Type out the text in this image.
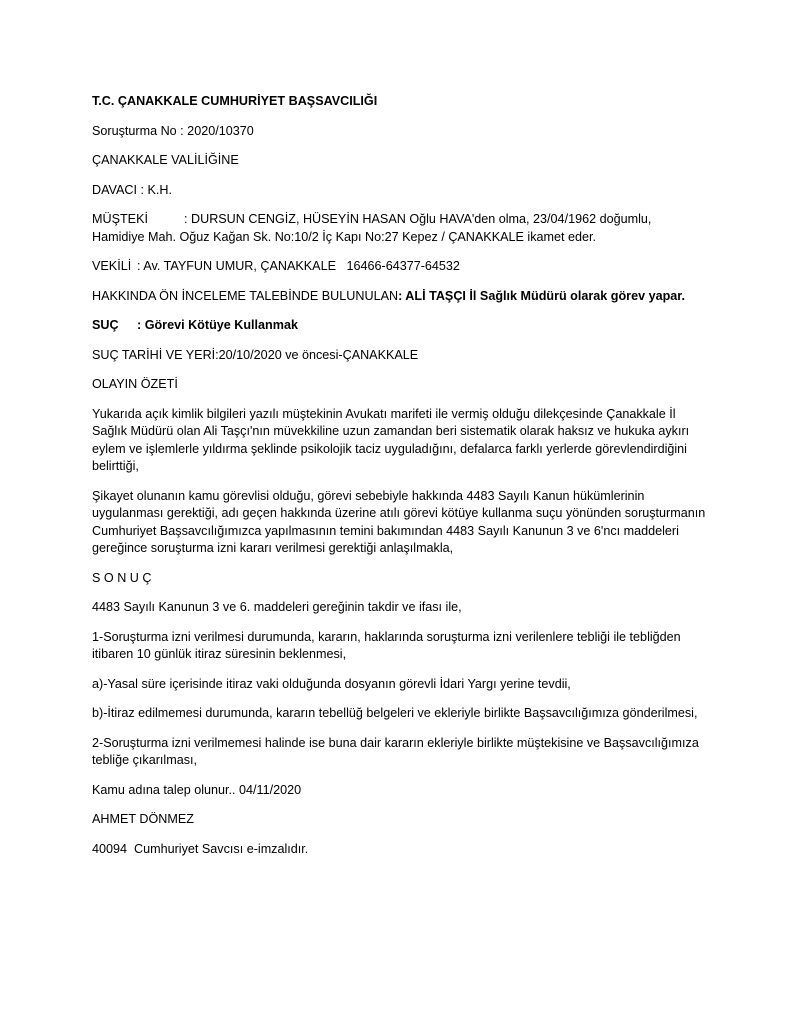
T.C. ÇANAKKALE CUMHURİYET BAŞSAVCILIĞI

Soruşturma No : 2020/10370

ÇANAKKALE VALİLİĞİNE

DAVACI : K.H.

MÜŞTEKİ	: DURSUN CENGİZ, HÜSEYİN HASAN Oğlu HAVA'den olma, 23/04/1962 doğumlu, Hamidiye Mah. Oğuz Kağan Sk. No:10/2 İç Kapı No:27 Kepez / ÇANAKKALE ikamet eder.

VEKİLİ : Av. TAYFUN UMUR, ÇANAKKALE   16466-64377-64532

HAKKINDA ÖN İNCELEME TALEBİNDE BULUNULAN: ALİ TAŞÇI İl Sağlık Müdürü olarak görev yapar.

SUÇ : Görevi Kötüye Kullanmak

SUÇ TARİHİ VE YERİ:20/10/2020 ve öncesi-ÇANAKKALE

OLAYIN ÖZETİ

Yukarıda açık kimlik bilgileri yazılı müştekinin Avukatı marifeti ile vermiş olduğu dilekçesinde Çanakkale İl Sağlık Müdürü olan Ali Taşçı'nın müvekkiline uzun zamandan beri sistematik olarak haksız ve hukuka aykırı eylem ve işlemlerle yıldırma şeklinde psikolojik taciz uyguladığını, defalarca farklı yerlerde görevlendirdiğini belirttiği,

Şikayet olunanın kamu görevlisi olduğu, görevi sebebiyle hakkında 4483 Sayılı Kanun hükümlerinin uygulanması gerektiği, adı geçen hakkında üzerine atılı görevi kötüye kullanma suçu yönünden soruşturmanın Cumhuriyet Başsavcılığımızca yapılmasının temini bakımından 4483 Sayılı Kanunun 3 ve 6'ncı maddeleri gereğince soruşturma izni kararı verilmesi gerektiği anlaşılmakla,

S O N U Ç

4483 Sayılı Kanunun 3 ve 6. maddeleri gereğinin takdir ve ifası ile,

1-Soruşturma izni verilmesi durumunda, kararın, haklarında soruşturma izni verilenlere tebliği ile tebliğden itibaren 10 günlük itiraz süresinin beklenmesi,

a)-Yasal süre içerisinde itiraz vaki olduğunda dosyanın görevli İdari Yargı yerine tevdii,

b)-İtiraz edilmemesi durumunda, kararın tebellüğ belgeleri ve ekleriyle birlikte Başsavcılığımıza gönderilmesi,

2-Soruşturma izni verilmemesi halinde ise buna dair kararın ekleriyle birlikte müştekisine ve Başsavcılığımıza tebliğe çıkarılması,

Kamu adına talep olunur.. 04/11/2020

AHMET DÖNMEZ

40094  Cumhuriyet Savcısı e-imzalıdır.
